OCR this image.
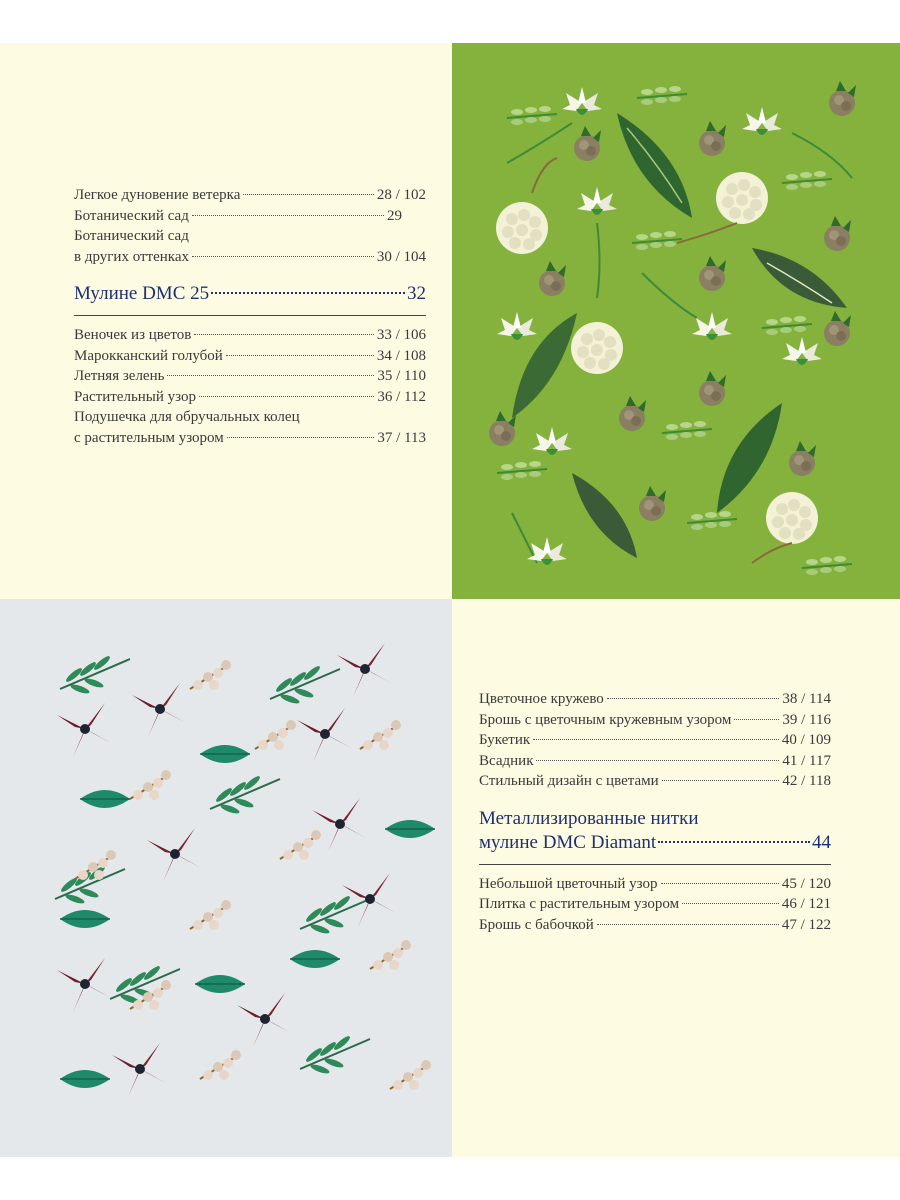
Легкое дуновение ветерка	28 / 102
Ботанический сад	29
Ботанический сад
в других оттенках	30 / 104
Мулине DMC 25	32
Веночек из цветов	33 / 106
Марокканский голубой	34 / 108
Летняя зелень	35 / 110
Растительный узор	36 / 112
Подушечка для обручальных колец
с растительным узором	37 / 113
Цветочное кружево	38 / 114
Брошь с цветочным кружевным узором	39 / 116
Букетик	40 / 109
Всадник	41 / 117
Стильный дизайн с цветами	42 / 118
Металлизированные нитки
мулине DMC Diamant	44
Небольшой цветочный узор	45 / 120
Плитка с растительным узором	46 / 121
Брошь с бабочкой	47 / 122
